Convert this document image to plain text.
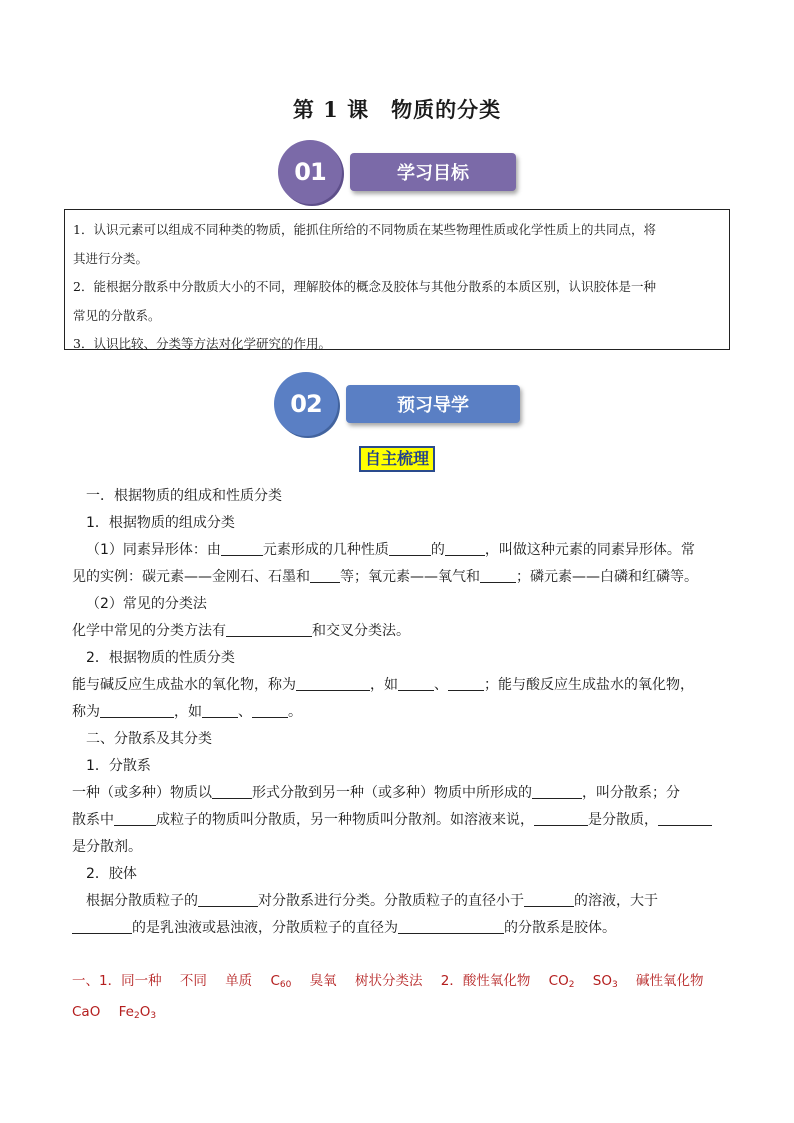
第 1 课　物质的分类
学习目标
01

1．认识元素可以组成不同种类的物质，能抓住所给的不同物质在某些物理性质或化学性质上的共同点，将

其进行分类。

2．能根据分散系中分散质大小的不同，理解胶体的概念及胶体与其他分散系的本质区别，认识胶体是一种

常见的分散系。

3．认识比较、分类等方法对化学研究的作用。

预习导学
02
自主梳理

一．根据物质的组成和性质分类

1．根据物质的组成分类

（1）同素异形体：由	元素形成的几种性质	的	，叫做这种元素的同素异形体。常

见的实例：碳元素——金刚石、石墨和 等；氧元素——氧气和	；磷元素——白磷和红磷等。

（2）常见的分类法

化学中常见的分类方法有	和交叉分类法。

2．根据物质的性质分类

能与碱反应生成盐水的氧化物，称为	，如	、	；能与酸反应生成盐水的氧化物，

称为	，如	、	。

二、分散系及其分类

1．分散系

一种（或多种）物质以	形式分散到另一种（或多种）物质中所形成的	，叫分散系；分

散系中	成粒子的物质叫分散质，另一种物质叫分散剂。如溶液来说，	是分散质，

是分散剂。

2．胶体

根据分散质粒子的	对分散系进行分类。分散质粒子的直径小于	的溶液，大于

的是乳浊液或悬浊液，分散质粒子的直径为	的分散系是胶体。

一、1．同一种 不同 单质 $C_{60}$ 臭氧 树状分类法 2．酸性氧化物 $CO_2$ $SO_3$ 碱性氧化物

CaO $Fe_2O_3$
